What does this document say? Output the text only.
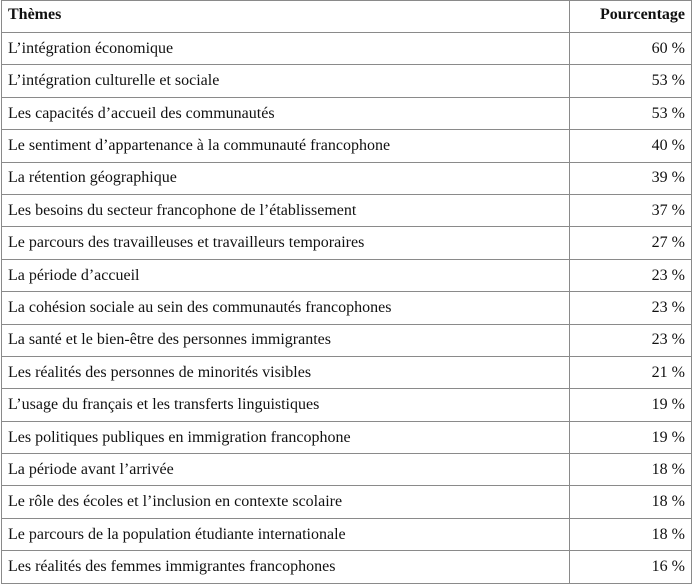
Thèmes	Pourcentage
L’intégration économique	60 %
L’intégration culturelle et sociale	53 %
Les capacités d’accueil des communautés	53 %
Le sentiment d’appartenance à la communauté francophone	40 %
La rétention géographique	39 %
Les besoins du secteur francophone de l’établissement	37 %
Le parcours des travailleuses et travailleurs temporaires	27 %
La période d’accueil	23 %
La cohésion sociale au sein des communautés francophones	23 %
La santé et le bien-être des personnes immigrantes	23 %
Les réalités des personnes de minorités visibles	21 %
L’usage du français et les transferts linguistiques	19 %
Les politiques publiques en immigration francophone	19 %
La période avant l’arrivée	18 %
Le rôle des écoles et l’inclusion en contexte scolaire	18 %
Le parcours de la population étudiante internationale	18 %
Les réalités des femmes immigrantes francophones	16 %
